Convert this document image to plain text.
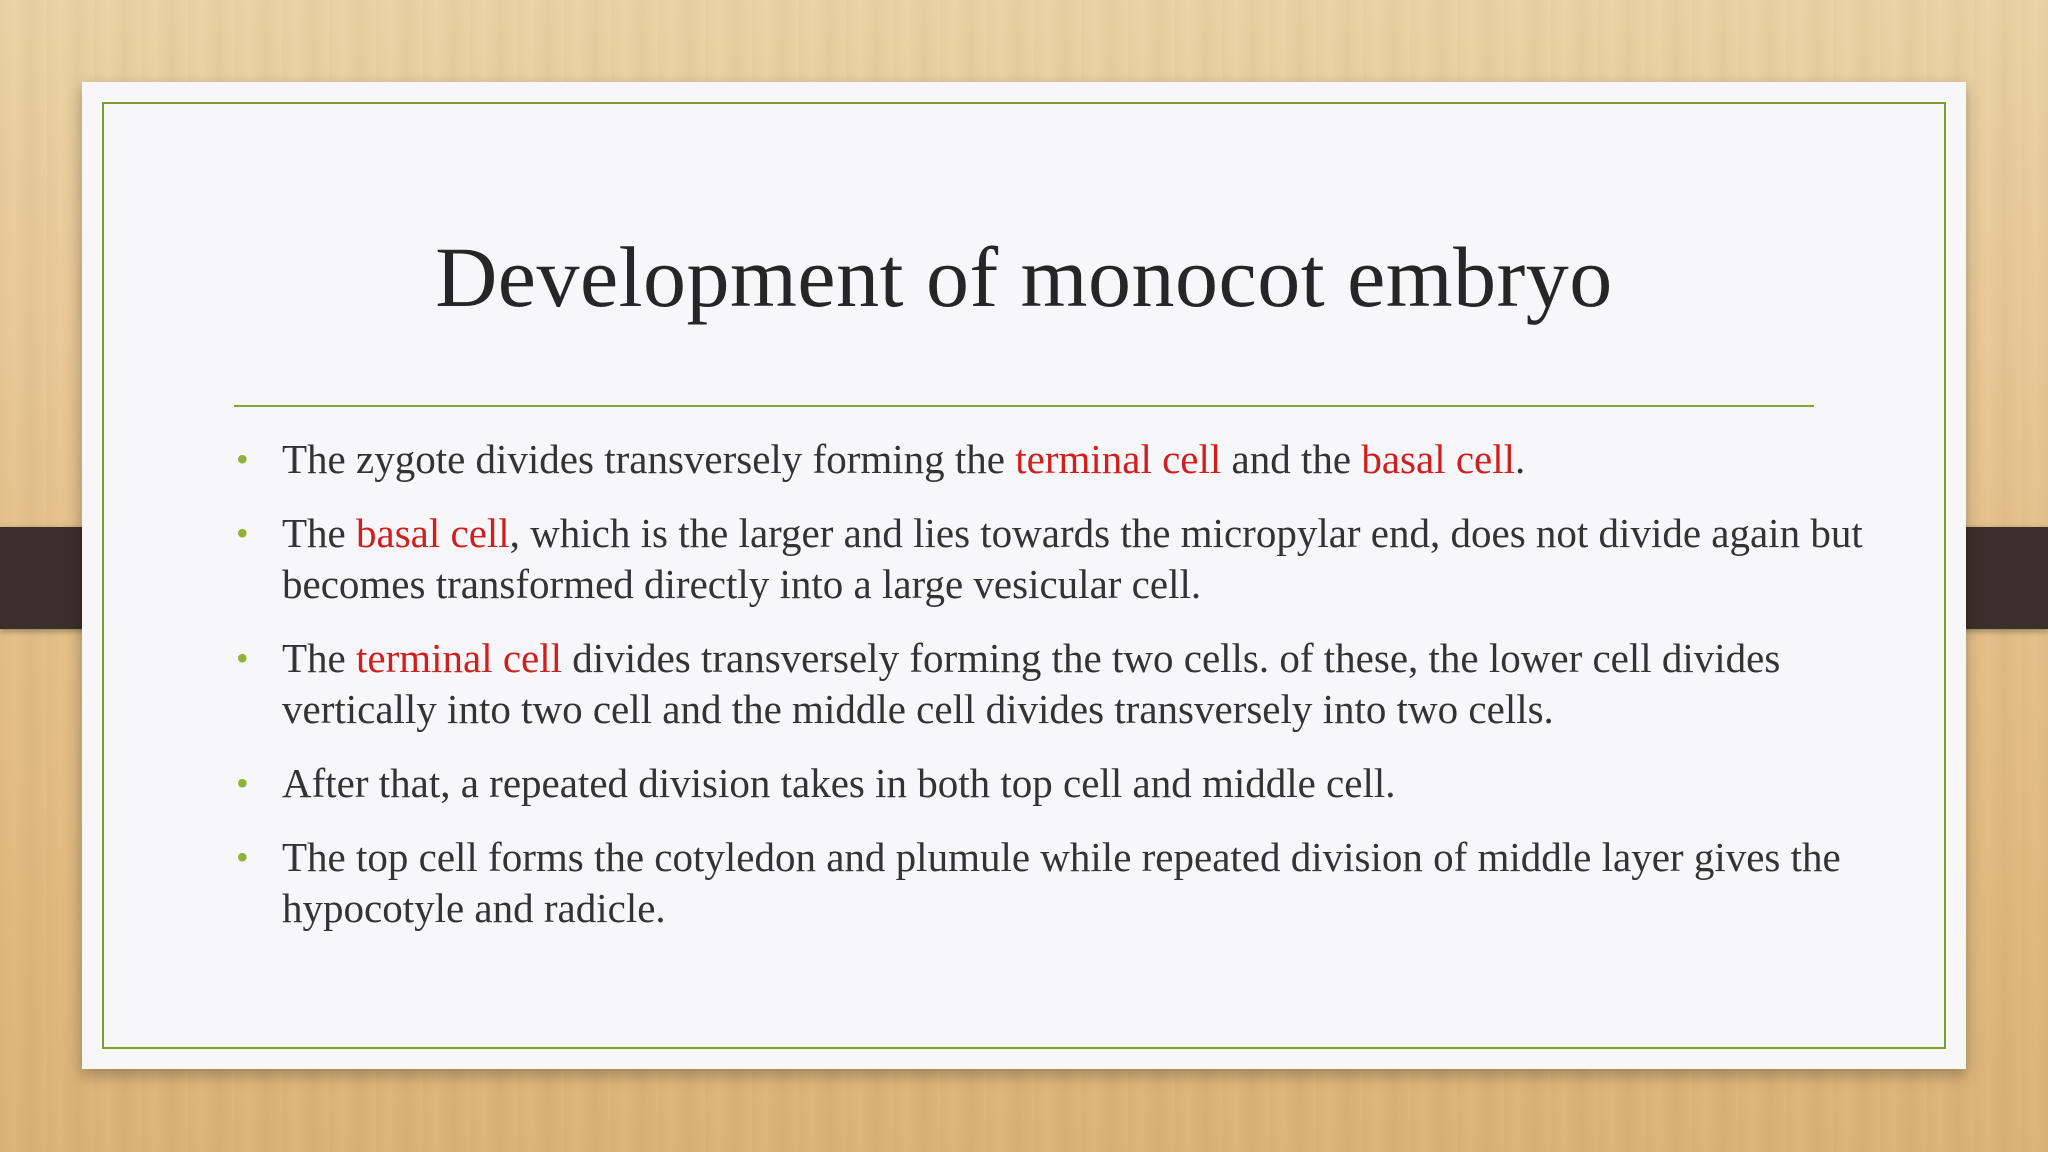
Development of monocot embryo
• The zygote divides transversely forming the terminal cell and the basal cell.
• The basal cell, which is the larger and lies towards the micropylar end, does not divide again but becomes transformed directly into a large vesicular cell.
• The terminal cell divides transversely forming the two cells. of these, the lower cell divides vertically into two cell and the middle cell divides transversely into two cells.
• After that, a repeated division takes in both top cell and middle cell.
• The top cell forms the cotyledon and plumule while repeated division of middle layer gives the hypocotyle and radicle.
